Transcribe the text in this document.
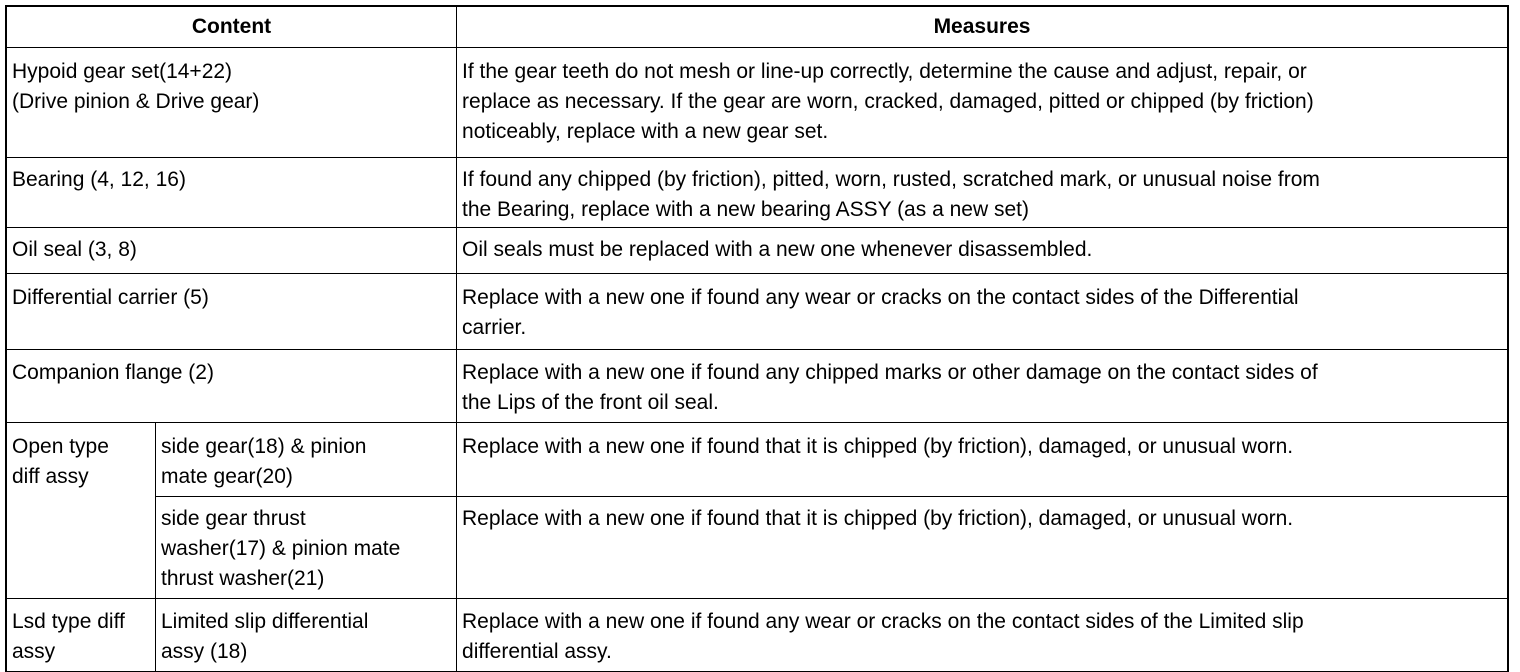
Content		Measures

Hypoid gear set(14+22)
(Drive pinion & Drive gear)		If the gear teeth do not mesh or line-up correctly, determine the cause and adjust, repair, or
replace as necessary. If the gear are worn, cracked, damaged, pitted or chipped (by friction)
noticeably, replace with a new gear set.

Bearing (4, 12, 16)		If found any chipped (by friction), pitted, worn, rusted, scratched mark, or unusual noise from
the Bearing, replace with a new bearing ASSY (as a new set)

Oil seal (3, 8)		Oil seals must be replaced with a new one whenever disassembled.

Differential carrier (5)		Replace with a new one if found any wear or cracks on the contact sides of the Differential
carrier.

Companion flange (2)		Replace with a new one if found any chipped marks or other damage on the contact sides of
the Lips of the front oil seal.

Open type
diff assy	side gear(18) & pinion
mate gear(20)	Replace with a new one if found that it is chipped (by friction), damaged, or unusual worn.

	side gear thrust
washer(17) & pinion mate
thrust washer(21)	Replace with a new one if found that it is chipped (by friction), damaged, or unusual worn.

Lsd type diff
assy	Limited slip differential
assy (18)	Replace with a new one if found any wear or cracks on the contact sides of the Limited slip
differential assy.
